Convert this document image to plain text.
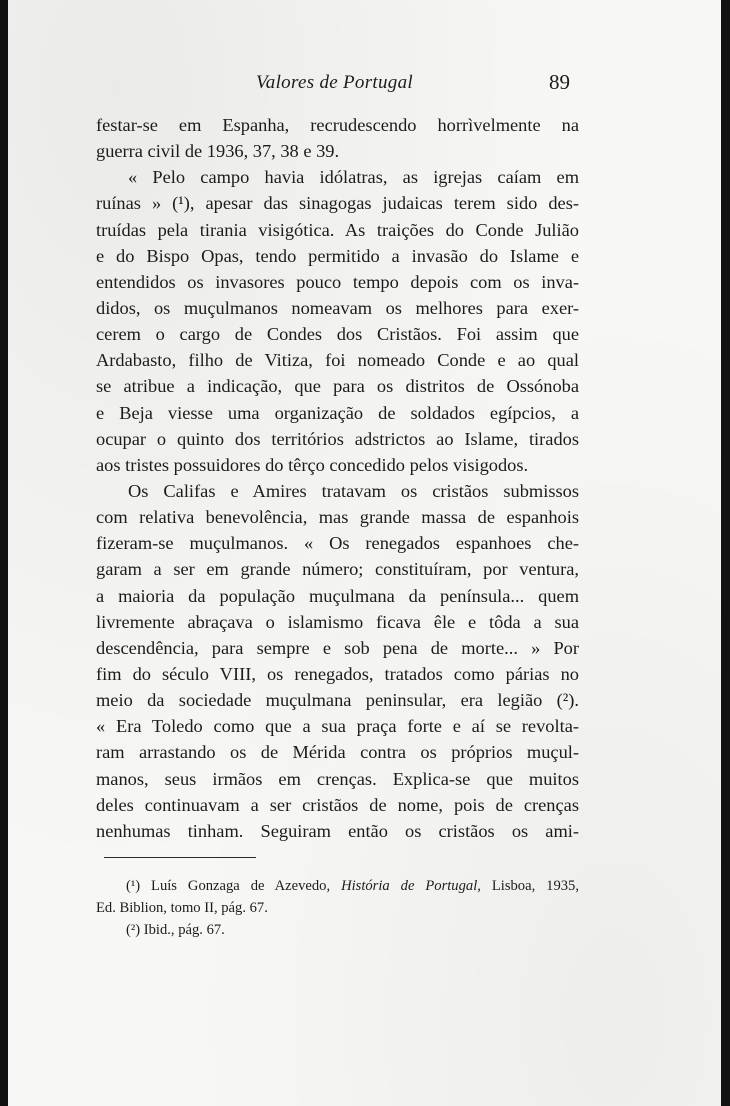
Valores de Portugal	89
festar-se em Espanha, recrudescendo horrìvelmente na
guerra civil de 1936, 37, 38 e 39.
« Pelo campo havia idólatras, as igrejas caíam em
ruínas » (¹), apesar das sinagogas judaicas terem sido des-
truídas pela tirania visigótica. As traições do Conde Julião
e do Bispo Opas, tendo permitido a invasão do Islame e
entendidos os invasores pouco tempo depois com os inva-
didos, os muçulmanos nomeavam os melhores para exer-
cerem o cargo de Condes dos Cristãos. Foi assim que
Ardabasto, filho de Vitiza, foi nomeado Conde e ao qual
se atribue a indicação, que para os distritos de Ossónoba
e Beja viesse uma organização de soldados egípcios, a
ocupar o quinto dos territórios adstrictos ao Islame, tirados
aos tristes possuidores do têrço concedido pelos visigodos.
Os Califas e Amires tratavam os cristãos submissos
com relativa benevolência, mas grande massa de espanhois
fizeram-se muçulmanos. « Os renegados espanhoes che-
garam a ser em grande número; constituíram, por ventura,
a maioria da população muçulmana da península... quem
livremente abraçava o islamismo ficava êle e tôda a sua
descendência, para sempre e sob pena de morte... » Por
fim do século VIII, os renegados, tratados como párias no
meio da sociedade muçulmana peninsular, era legião (²).
« Era Toledo como que a sua praça forte e aí se revolta-
ram arrastando os de Mérida contra os próprios muçul-
manos, seus irmãos em crenças. Explica-se que muitos
deles continuavam a ser cristãos de nome, pois de crenças
nenhumas tinham. Seguiram então os cristãos os ami-
(¹) Luís Gonzaga de Azevedo, História de Portugal, Lisboa, 1935,
Ed. Biblion, tomo II, pág. 67.
(²) Ibid., pág. 67.
